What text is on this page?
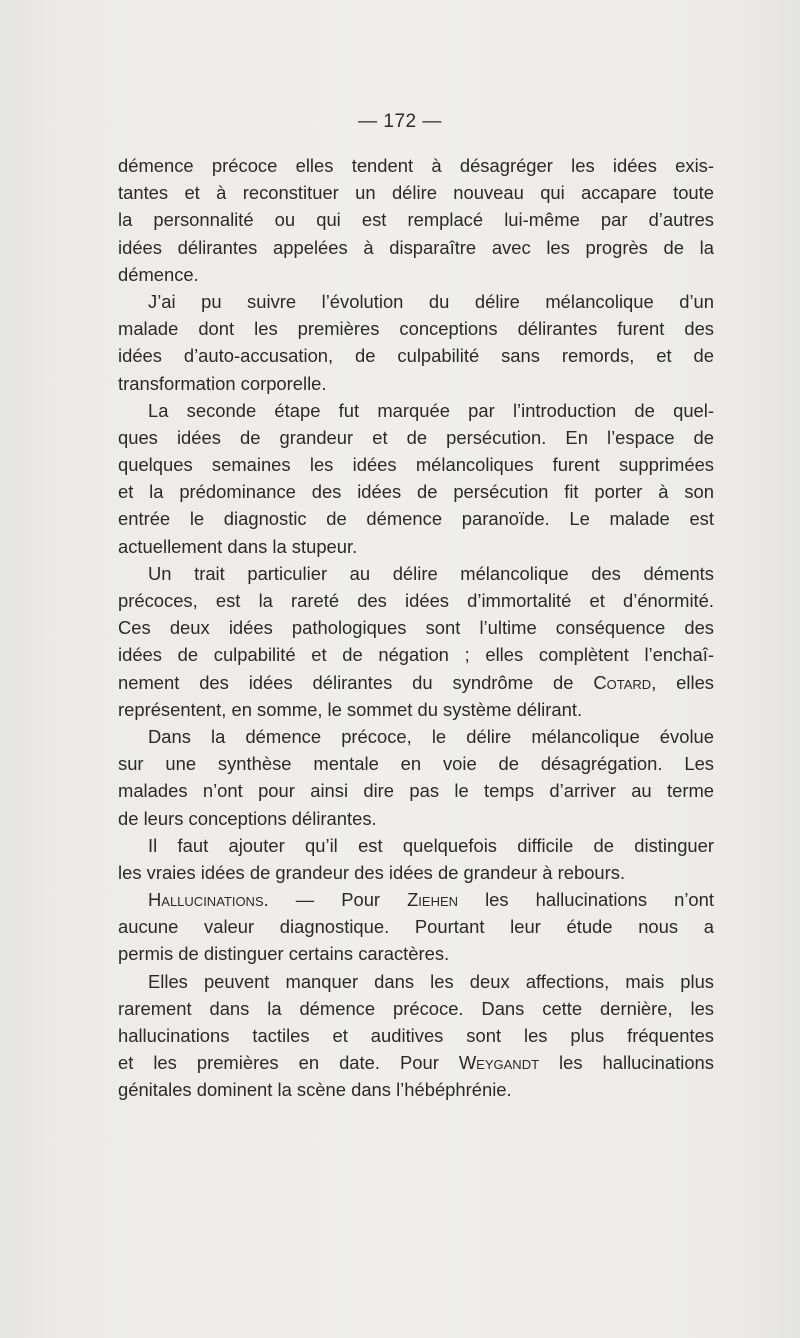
— 172 —
démence précoce elles tendent à désagréger les idées exis-
tantes et à reconstituer un délire nouveau qui accapare toute
la personnalité ou qui est remplacé lui-même par d’autres
idées délirantes appelées à disparaître avec les progrès de la
démence.
J’ai pu suivre l’évolution du délire mélancolique d’un
malade dont les premières conceptions délirantes furent des
idées d’auto-accusation, de culpabilité sans remords, et de
transformation corporelle.
La seconde étape fut marquée par l’introduction de quel-
ques idées de grandeur et de persécution. En l’espace de
quelques semaines les idées mélancoliques furent supprimées
et la prédominance des idées de persécution fit porter à son
entrée le diagnostic de démence paranoïde. Le malade est
actuellement dans la stupeur.
Un trait particulier au délire mélancolique des déments
précoces, est la rareté des idées d’immortalité et d’énormité.
Ces deux idées pathologiques sont l’ultime conséquence des
idées de culpabilité et de négation ; elles complètent l’enchaî-
nement des idées délirantes du syndrôme de Cotard, elles
représentent, en somme, le sommet du système délirant.
Dans la démence précoce, le délire mélancolique évolue
sur une synthèse mentale en voie de désagrégation. Les
malades n’ont pour ainsi dire pas le temps d’arriver au terme
de leurs conceptions délirantes.
Il faut ajouter qu’il est quelquefois difficile de distinguer
les vraies idées de grandeur des idées de grandeur à rebours.
Hallucinations. — Pour Ziehen les hallucinations n’ont
aucune valeur diagnostique. Pourtant leur étude nous a
permis de distinguer certains caractères.
Elles peuvent manquer dans les deux affections, mais plus
rarement dans la démence précoce. Dans cette dernière, les
hallucinations tactiles et auditives sont les plus fréquentes
et les premières en date. Pour Weygandt les hallucinations
génitales dominent la scène dans l’hébéphrénie.
